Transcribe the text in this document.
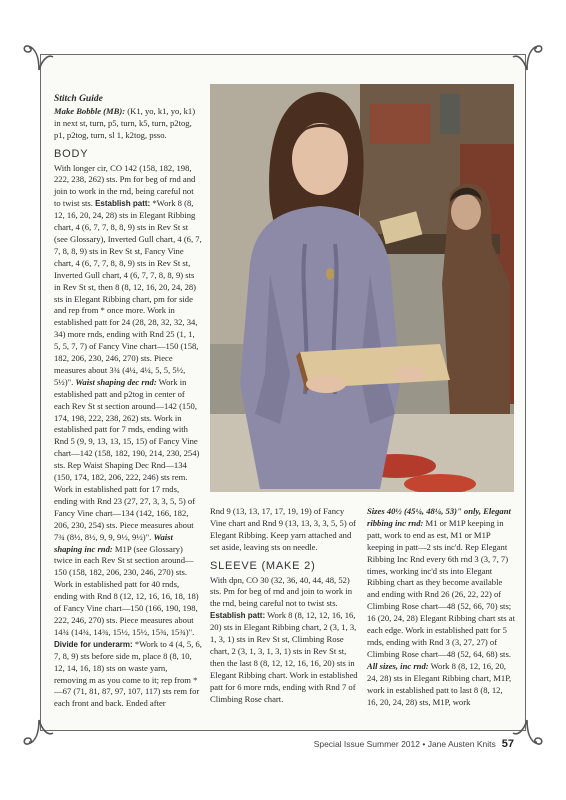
Stitch Guide

Make Bobble (MB): (K1, yo, k1, yo, k1) in next st, turn, p5, turn, k5, turn, p2tog, p1, p2tog, turn, sl 1, k2tog, psso.

BODY

With longer cir, CO 142 (158, 182, 198, 222, 238, 262) sts. Pm for beg of rnd and join to work in the rnd, being careful not to twist sts. Establish patt: *Work 8 (8, 12, 16, 20, 24, 28) sts in Elegant Ribbing chart, 4 (6, 7, 7, 8, 8, 9) sts in Rev St st (see Glossary), Inverted Gull chart, 4 (6, 7, 7, 8, 8, 9) sts in Rev St st, Fancy Vine chart, 4 (6, 7, 7, 8, 8, 9) sts in Rev St st, Inverted Gull chart, 4 (6, 7, 7, 8, 8, 9) sts in Rev St st, then 8 (8, 12, 16, 20, 24, 28) sts in Elegant Ribbing chart, pm for side and rep from * once more. Work in established patt for 24 (28, 28, 32, 32, 34, 34) more rnds, ending with Rnd 25 (1, 1, 5, 5, 7, 7) of Fancy Vine chart—150 (158, 182, 206, 230, 246, 270) sts. Piece measures about 3¾ (4¼, 4¼, 5, 5, 5½, 5½)". Waist shaping dec rnd: Work in established patt and p2tog in center of each Rev St st section around—142 (150, 174, 198, 222, 238, 262) sts. Work in established patt for 7 rnds, ending with Rnd 5 (9, 9, 13, 13, 15, 15) of Fancy Vine chart—142 (158, 182, 190, 214, 230, 254) sts. Rep Waist Shaping Dec Rnd—134 (150, 174, 182, 206, 222, 246) sts rem. Work in established patt for 17 rnds, ending with Rnd 23 (27, 27, 3, 3, 5, 5) of Fancy Vine chart—134 (142, 166, 182, 206, 230, 254) sts. Piece measures about 7¾ (8½, 8½, 9, 9, 9½, 9½)". Waist shaping inc rnd: M1P (see Glossary) twice in each Rev St st section around—150 (158, 182, 206, 230, 246, 270) sts. Work in established patt for 40 rnds, ending with Rnd 8 (12, 12, 16, 16, 18, 18) of Fancy Vine chart—150 (166, 190, 198, 222, 246, 270) sts. Piece measures about 14¾ (14¾, 14¾, 15½, 15½, 15¾, 15¾)".

Divide for underarm: *Work to 4 (4, 5, 6, 7, 8, 9) sts before side m, place 8 (8, 10, 12, 14, 16, 18) sts on waste yarn, removing m as you come to it; rep from *—67 (71, 81, 87, 97, 107, 117) sts rem for each front and back. Ended after

Rnd 9 (13, 13, 17, 17, 19, 19) of Fancy Vine chart and Rnd 9 (13, 13, 3, 3, 5, 5) of Elegant Ribbing. Keep yarn attached and set aside, leaving sts on needle.

SLEEVE (MAKE 2)

With dpn, CO 30 (32, 36, 40, 44, 48, 52) sts. Pm for beg of rnd and join to work in the rnd, being careful not to twist sts. Establish patt: Work 8 (8, 12, 12, 16, 16, 20) sts in Elegant Ribbing chart, 2 (3, 1, 3, 1, 3, 1) sts in Rev St st, Climbing Rose chart, 2 (3, 1, 3, 1, 3, 1) sts in Rev St st, then the last 8 (8, 12, 12, 16, 16, 20) sts in Elegant Ribbing chart. Work in established patt for 6 more rnds, ending with Rnd 7 of Climbing Rose chart.

Sizes 40½ (45¼, 48¼, 53)" only, Elegant ribbing inc rnd: M1 or M1P keeping in patt, work to end as est, M1 or M1P keeping in patt—2 sts inc'd. Rep Elegant Ribbing Inc Rnd every 6th rnd 3 (3, 7, 7) times, working inc'd sts into Elegant Ribbing chart as they become available and ending with Rnd 26 (26, 22, 22) of Climbing Rose chart—48 (52, 66, 70) sts; 16 (20, 24, 28) Elegant Ribbing chart sts at each edge. Work in established patt for 5 rnds, ending with Rnd 3 (3, 27, 27) of Climbing Rose chart—48 (52, 64, 68) sts.

All sizes, inc rnd: Work 8 (8, 12, 16, 20, 24, 28) sts in Elegant Ribbing chart, M1P, work in established patt to last 8 (8, 12, 16, 20, 24, 28) sts, M1P, work

Special Issue Summer 2012 • Jane Austen Knits 57
